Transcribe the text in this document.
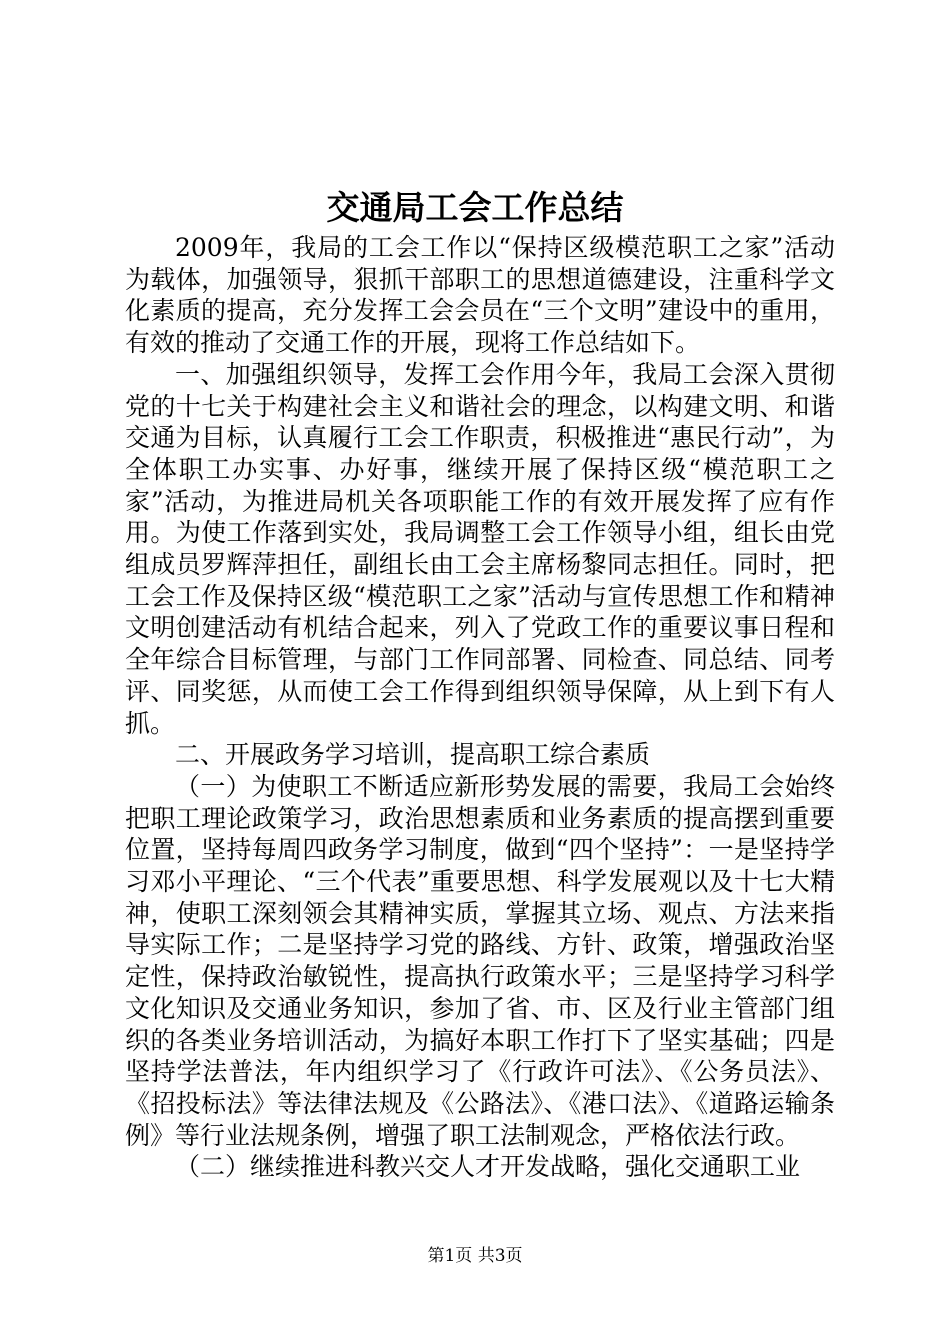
交通局工会工作总结

2009年，我局的工会工作以“保持区级模范职工之家”活动为载体，加强领导，狠抓干部职工的思想道德建设，注重科学文化素质的提高，充分发挥工会会员在“三个文明”建设中的重用，有效的推动了交通工作的开展，现将工作总结如下。

一、加强组织领导，发挥工会作用今年，我局工会深入贯彻党的十七关于构建社会主义和谐社会的理念，以构建文明、和谐交通为目标，认真履行工会工作职责，积极推进“惠民行动”，为全体职工办实事、办好事，继续开展了保持区级“模范职工之家”活动，为推进局机关各项职能工作的有效开展发挥了应有作用。为使工作落到实处，我局调整工会工作领导小组，组长由党组成员罗辉萍担任，副组长由工会主席杨黎同志担任。同时，把工会工作及保持区级“模范职工之家”活动与宣传思想工作和精神文明创建活动有机结合起来，列入了党政工作的重要议事日程和全年综合目标管理，与部门工作同部署、同检查、同总结、同考评、同奖惩，从而使工会工作得到组织领导保障，从上到下有人抓。

二、开展政务学习培训，提高职工综合素质

（一）为使职工不断适应新形势发展的需要，我局工会始终把职工理论政策学习，政治思想素质和业务素质的提高摆到重要位置，坚持每周四政务学习制度，做到“四个坚持”：一是坚持学习邓小平理论、“三个代表”重要思想、科学发展观以及十七大精神，使职工深刻领会其精神实质，掌握其立场、观点、方法来指导实际工作；二是坚持学习党的路线、方针、政策，增强政治坚定性，保持政治敏锐性，提高执行政策水平；三是坚持学习科学文化知识及交通业务知识，参加了省、市、区及行业主管部门组织的各类业务培训活动，为搞好本职工作打下了坚实基础；四是坚持学法普法，年内组织学习了《行政许可法》、《公务员法》、《招投标法》等法律法规及《公路法》、《港口法》、《道路运输条例》等行业法规条例，增强了职工法制观念，严格依法行政。

（二）继续推进科教兴交人才开发战略，强化交通职工业

第1页 共3页
